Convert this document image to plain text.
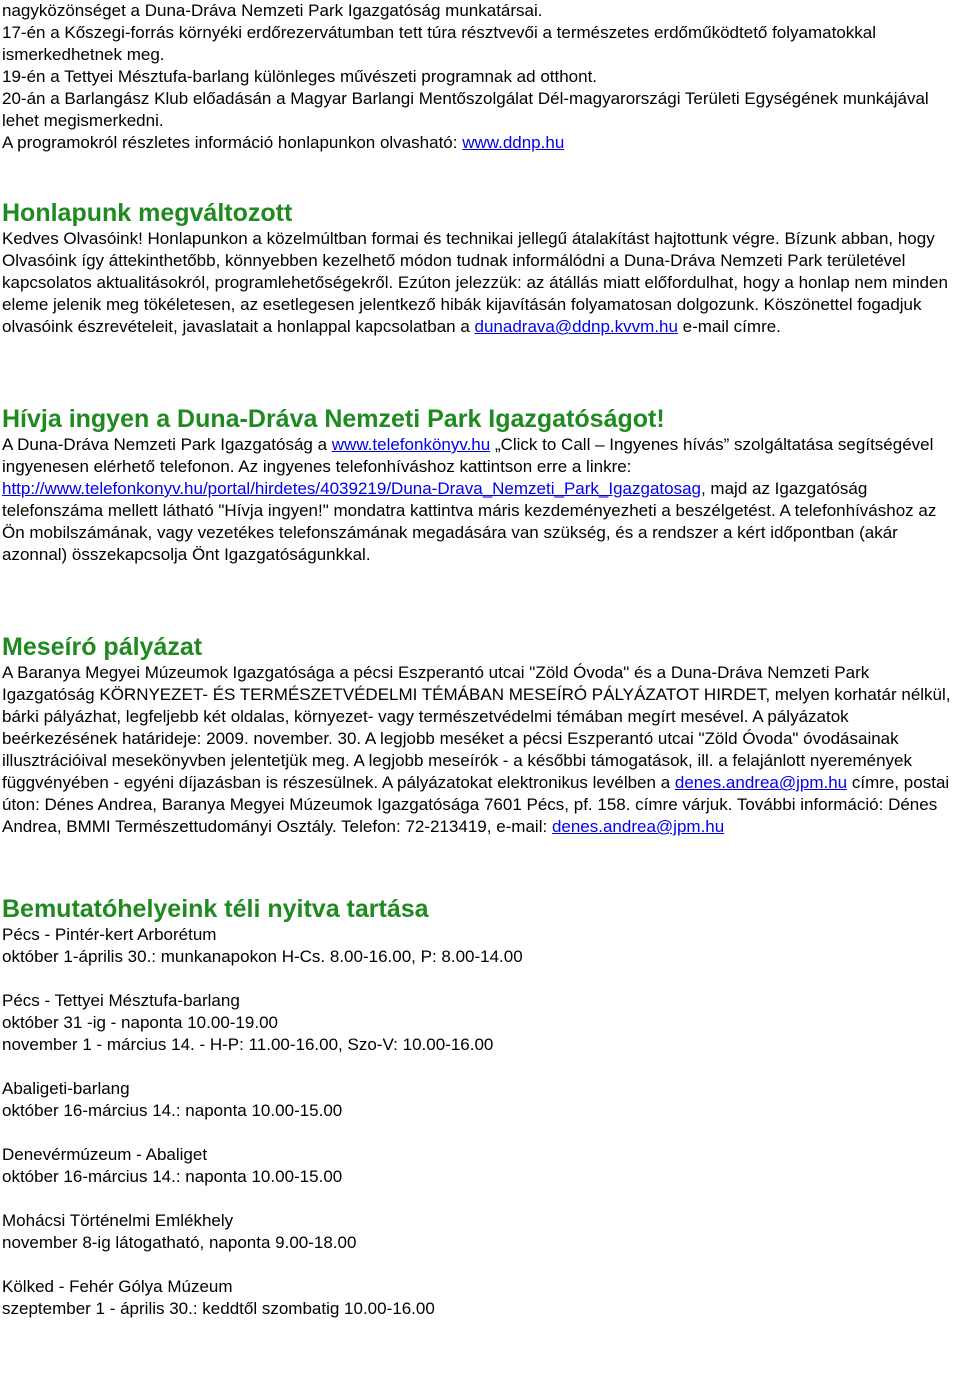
nagyközönséget a Duna-Dráva Nemzeti Park Igazgatóság munkatársai.

17-én a Kőszegi-forrás környéki erdőrezervátumban tett túra résztvevői a természetes erdőműködtető folyamatokkal ismerkedhetnek meg.

19-én a Tettyei Mésztufa-barlang különleges művészeti programnak ad otthont.

20-án a Barlangász Klub előadásán a Magyar Barlangi Mentőszolgálat Dél-magyarországi Területi Egységének munkájával lehet megismerkedni.

A programokról részletes információ honlapunkon olvasható: www.ddnp.hu

Honlapunk megváltozott

Kedves Olvasóink! Honlapunkon a közelmúltban formai és technikai jellegű átalakítást hajtottunk végre. Bízunk abban, hogy Olvasóink így áttekinthetőbb, könnyebben kezelhető módon tudnak informálódni a Duna-Dráva Nemzeti Park területével kapcsolatos aktualitásokról, programlehetőségekről. Ezúton jelezzük: az átállás miatt előfordulhat, hogy a honlap nem minden eleme jelenik meg tökéletesen, az esetlegesen jelentkező hibák kijavításán folyamatosan dolgozunk. Köszönettel fogadjuk olvasóink észrevételeit, javaslatait a honlappal kapcsolatban a dunadrava@ddnp.kvvm.hu e-mail címre.

Hívja ingyen a Duna-Dráva Nemzeti Park Igazgatóságot!

A Duna-Dráva Nemzeti Park Igazgatóság a www.telefonkönyv.hu „Click to Call – Ingyenes hívás” szolgáltatása segítségével ingyenesen elérhető telefonon. Az ingyenes telefonhíváshoz kattintson erre a linkre: http://www.telefonkonyv.hu/portal/hirdetes/4039219/Duna-Drava_Nemzeti_Park_Igazgatosag, majd az Igazgatóság telefonszáma mellett látható "Hívja ingyen!" mondatra kattintva máris kezdeményezheti a beszélgetést. A telefonhíváshoz az Ön mobilszámának, vagy vezetékes telefonszámának megadására van szükség, és a rendszer a kért időpontban (akár azonnal) összekapcsolja Önt Igazgatóságunkkal.

Meseíró pályázat

A Baranya Megyei Múzeumok Igazgatósága a pécsi Eszperantó utcai "Zöld Óvoda" és a Duna-Dráva Nemzeti Park Igazgatóság KÖRNYEZET- ÉS TERMÉSZETVÉDELMI TÉMÁBAN MESEÍRÓ PÁLYÁZATOT HIRDET, melyen korhatár nélkül, bárki pályázhat, legfeljebb két oldalas, környezet- vagy természetvédelmi témában megírt mesével. A pályázatok beérkezésének határideje: 2009. november. 30. A legjobb meséket a pécsi Eszperantó utcai "Zöld Óvoda" óvodásainak illusztrációival mesekönyvben jelentetjük meg. A legjobb meseírók - a későbbi támogatások, ill. a felajánlott nyeremények függvényében - egyéni díjazásban is részesülnek. A pályázatokat elektronikus levélben a denes.andrea@jpm.hu címre, postai úton: Dénes Andrea, Baranya Megyei Múzeumok Igazgatósága 7601 Pécs, pf. 158. címre várjuk. További információ: Dénes Andrea, BMMI Természettudományi Osztály. Telefon: 72-213419, e-mail: denes.andrea@jpm.hu

Bemutatóhelyeink téli nyitva tartása

Pécs - Pintér-kert Arborétum

október 1-április 30.: munkanapokon H-Cs. 8.00-16.00, P: 8.00-14.00

Pécs - Tettyei Mésztufa-barlang

október 31 -ig - naponta 10.00-19.00

november 1 - március 14. - H-P: 11.00-16.00, Szo-V: 10.00-16.00

Abaligeti-barlang

október 16-március 14.: naponta 10.00-15.00

Denevérmúzeum - Abaliget

október 16-március 14.: naponta 10.00-15.00

Mohácsi Történelmi Emlékhely

november 8-ig látogatható, naponta 9.00-18.00

Kölked - Fehér Gólya Múzeum

szeptember 1 - április 30.: keddtől szombatig 10.00-16.00
